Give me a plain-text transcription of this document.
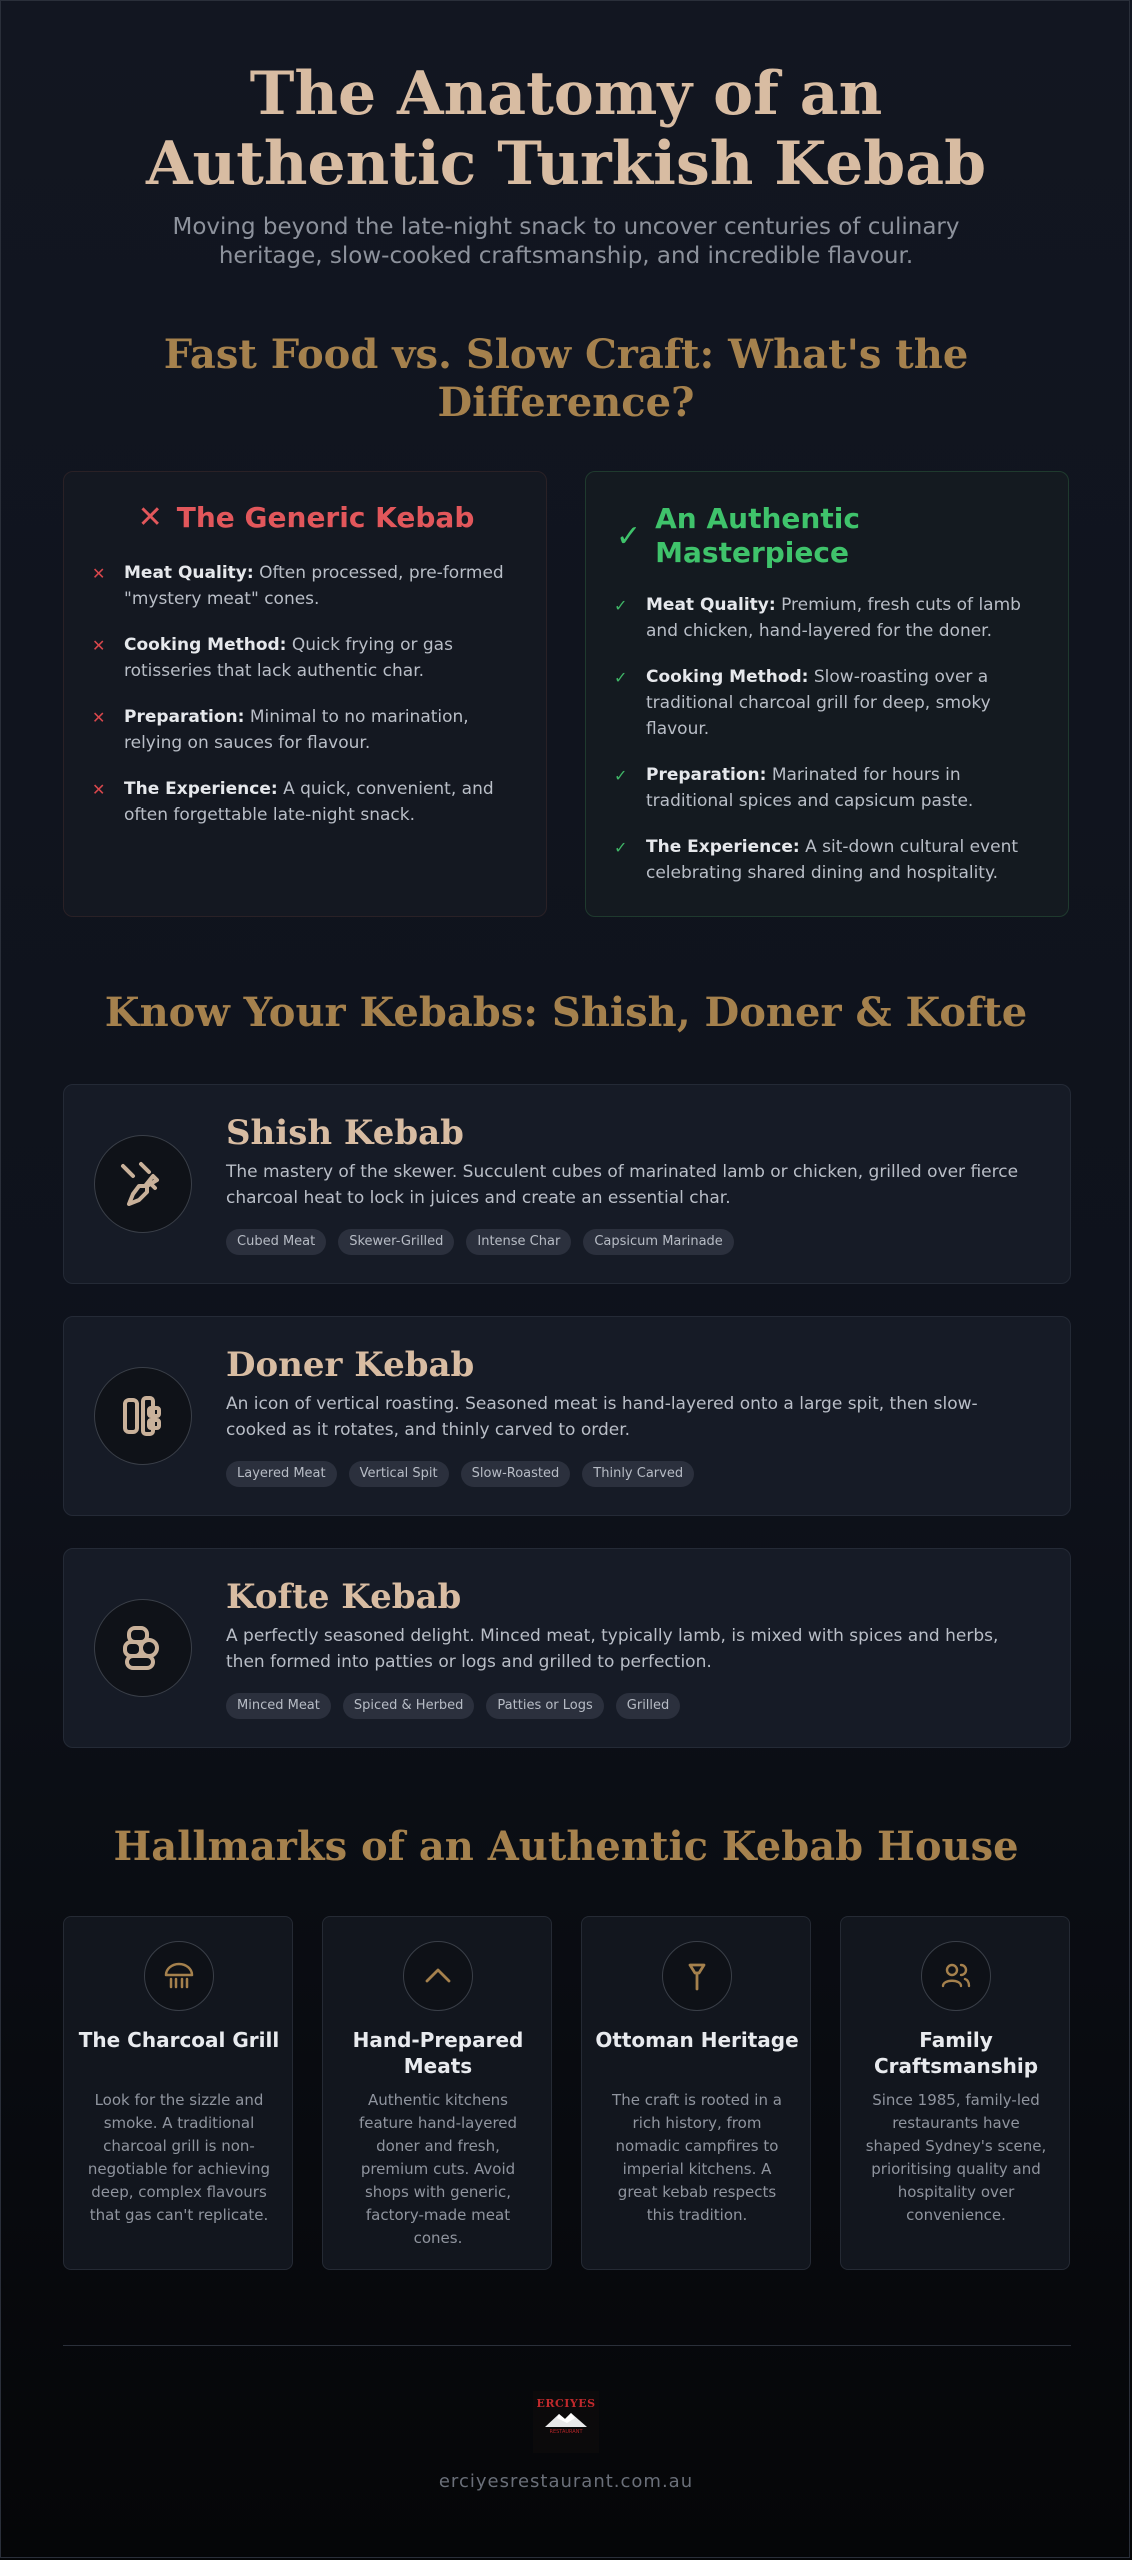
The Anatomy of an
Authentic Turkish Kebab

Moving beyond the late-night snack to uncover centuries of culinary heritage, slow-cooked craftsmanship, and incredible flavour.

Fast Food vs. Slow Craft: What's the
Difference?
✕ The Generic Kebab
✕	Meat Quality: Often processed, pre-formed "mystery meat" cones.
✕	Cooking Method: Quick frying or gas rotisseries that lack authentic char.
✕	Preparation: Minimal to no marination, relying on sauces for flavour.
✕	The Experience: A quick, convenient, and often forgettable late-night snack.
✓ An Authentic
Masterpiece
✓	Meat Quality: Premium, fresh cuts of lamb and chicken, hand-layered for the doner.
✓	Cooking Method: Slow-roasting over a traditional charcoal grill for deep, smoky flavour.
✓	Preparation: Marinated for hours in traditional spices and capsicum paste.
✓	The Experience: A sit-down cultural event celebrating shared dining and hospitality.
Know Your Kebabs: Shish, Doner & Kofte
Shish Kebab

The mastery of the skewer. Succulent cubes of marinated lamb or chicken, grilled over fierce charcoal heat to lock in juices and create an essential char.

Cubed Meat	Skewer-Grilled	Intense Char	Capsicum Marinade
Doner Kebab

An icon of vertical roasting. Seasoned meat is hand-layered onto a large spit, then slow-cooked as it rotates, and thinly carved to order.

Layered Meat	Vertical Spit	Slow-Roasted	Thinly Carved
Kofte Kebab

A perfectly seasoned delight. Minced meat, typically lamb, is mixed with spices and herbs, then formed into patties or logs and grilled to perfection.

Minced Meat	Spiced & Herbed	Patties or Logs	Grilled
Hallmarks of an Authentic Kebab House
The Charcoal Grill

Look for the sizzle and smoke. A traditional charcoal grill is non-negotiable for achieving deep, complex flavours that gas can't replicate.

Hand-Prepared Meats

Authentic kitchens feature hand-layered doner and fresh, premium cuts. Avoid shops with generic, factory-made meat cones.

Ottoman Heritage

The craft is rooted in a rich history, from nomadic campfires to imperial kitchens. A great kebab respects this tradition.

Family Craftsmanship

Since 1985, family-led restaurants have shaped Sydney's scene, prioritising quality and hospitality over convenience.

ERCIYES
RESTAURANT

erciyesrestaurant.com.au
